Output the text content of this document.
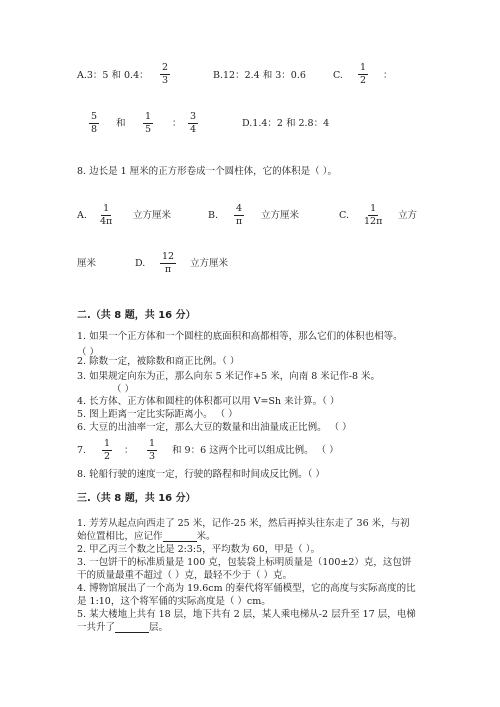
A.3：5 和 0.4： $\frac{2}{3}$	B.12：2.4 和 3：0.6	C. $\frac{1}{2}$ ：
$\frac{5}{8}$ 和 $\frac{1}{5}$ ： $\frac{3}{4}$	D.1.4：2 和 2.8：4
8. 边长是 1 厘米的正方形卷成一个圆柱体，它的体积是（ ）。
A. $\frac{1}{4\pi}$ 立方厘米	B. $\frac{4}{\pi}$ 立方厘米	C. $\frac{1}{12\pi}$ 立方
厘米	D. $\frac{12}{\pi}$ 立方厘米
二.（共 8 题，共 16 分）
1. 如果一个正方体和一个圆柱的底面积和高都相等，那么它们的体积也相等。
（ ）
2. 除数一定，被除数和商正比例。（ ）
3. 如果规定向东为正，那么向东 5 米记作+5 米，向南 8 米记作-8 米。
（ ）
4. 长方体、正方体和圆柱的体积都可以用 V=Sh 来计算。（ ）
5. 图上距离一定比实际距离小。 （ ）
6. 大豆的出油率一定，那么大豆的数量和出油量成正比例。 （ ）
7. $\frac{1}{2}$ ： $\frac{1}{3}$ 和 9：6 这两个比可以组成比例。 （ ）
8. 轮船行驶的速度一定，行驶的路程和时间成反比例。（ ）
三.（共 8 题，共 16 分）
1. 芳芳从起点向西走了 25 米，记作-25 米，然后再掉头往东走了 36 米，与初
始位置相比，应记作	米。
2. 甲乙丙三个数之比是 2:3:5，平均数为 60，甲是（ ）。
3. 一包饼干的标准质量是 100 克，包装袋上标明质量是（100±2）克，这包饼
干的质量最重不超过（ ）克，最轻不少于（ ）克。
4. 博物馆展出了一个高为 19.6cm 的秦代将军俑模型，它的高度与实际高度的比
是 1:10，这个将军俑的实际高度是（ ）cm。
5. 某大楼地上共有 18 层，地下共有 2 层，某人乘电梯从-2 层升至 17 层，电梯
一共升了	层。
